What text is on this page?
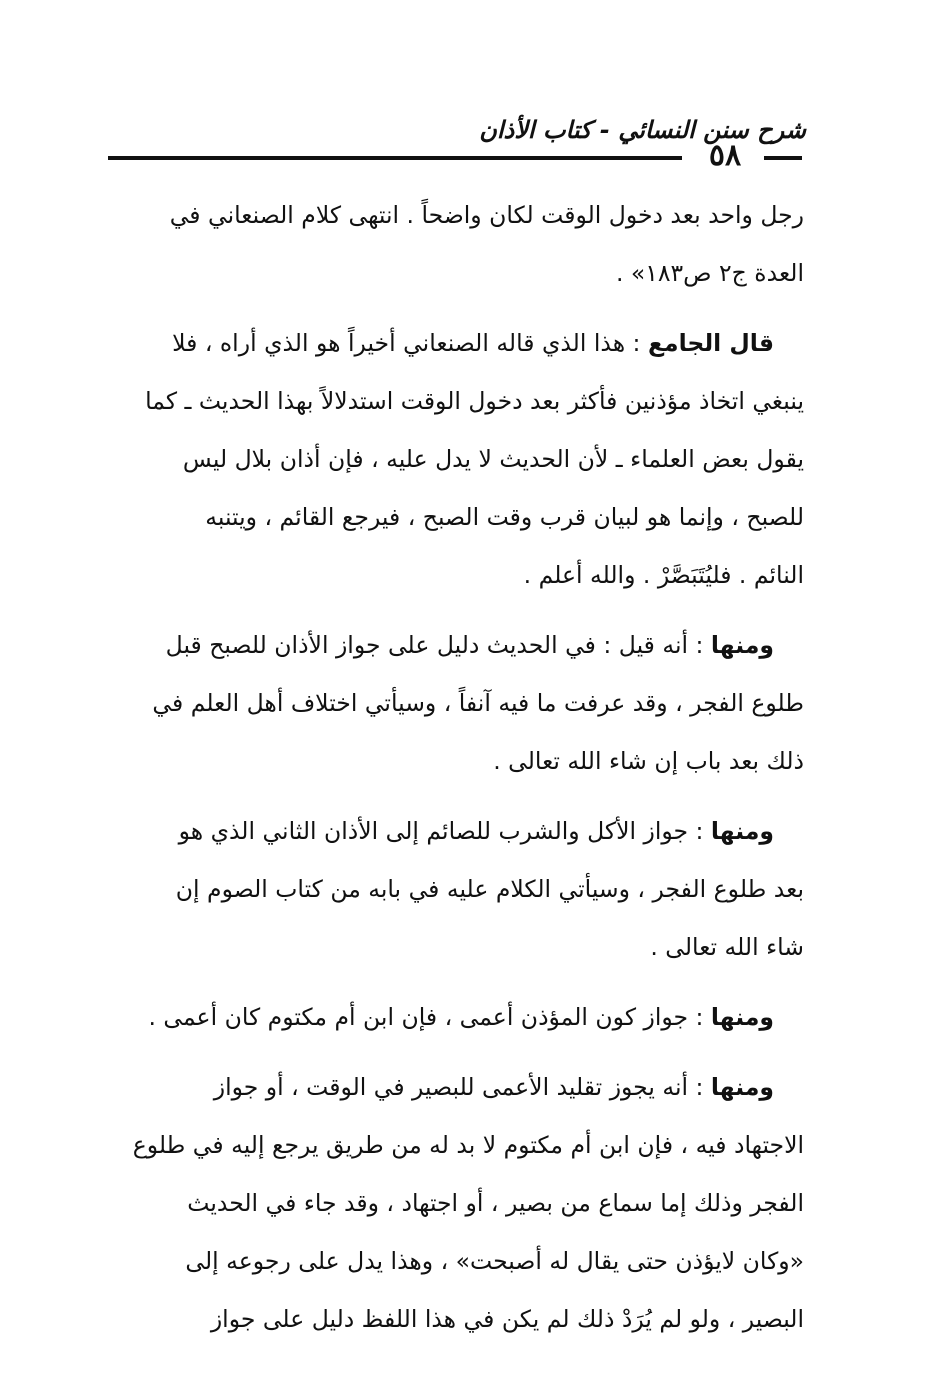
شرح سنن النسائي - كتاب الأذان
٥٨
رجل واحد بعد دخول الوقت لكان واضحاً . انتهى كلام الصنعاني في
العدة ج٢ ص١٨٣» .
قال الجامع : هذا الذي قاله الصنعاني أخيراً هو الذي أراه ، فلا
ينبغي اتخاذ مؤذنين فأكثر بعد دخول الوقت استدلالاً بهذا الحديث ـ كما
يقول بعض العلماء ـ لأن الحديث لا يدل عليه ، فإن أذان بلال ليس
للصبح ، وإنما هو لبيان قرب وقت الصبح ، فيرجع القائم ، ويتنبه
النائم . فليُتَبَصَّرْ . والله أعلم .
ومنها : أنه قيل : في الحديث دليل على جواز الأذان للصبح قبل
طلوع الفجر ، وقد عرفت ما فيه آنفاً ، وسيأتي اختلاف أهل العلم في
ذلك بعد باب إن شاء الله تعالى .
ومنها : جواز الأكل والشرب للصائم إلى الأذان الثاني الذي هو
بعد طلوع الفجر ، وسيأتي الكلام عليه في بابه من كتاب الصوم إن
شاء الله تعالى .
ومنها : جواز كون المؤذن أعمى ، فإن ابن أم مكتوم كان أعمى .
ومنها : أنه يجوز تقليد الأعمى للبصير في الوقت ، أو جواز
الاجتهاد فيه ، فإن ابن أم مكتوم لا بد له من طريق يرجع إليه في طلوع
الفجر وذلك إما سماع من بصير ، أو اجتهاد ، وقد جاء في الحديث
«وكان لايؤذن حتى يقال له أصبحت» ، وهذا يدل على رجوعه إلى
البصير ، ولو لم يُرَدْ ذلك لم يكن في هذا اللفظ دليل على جواز
